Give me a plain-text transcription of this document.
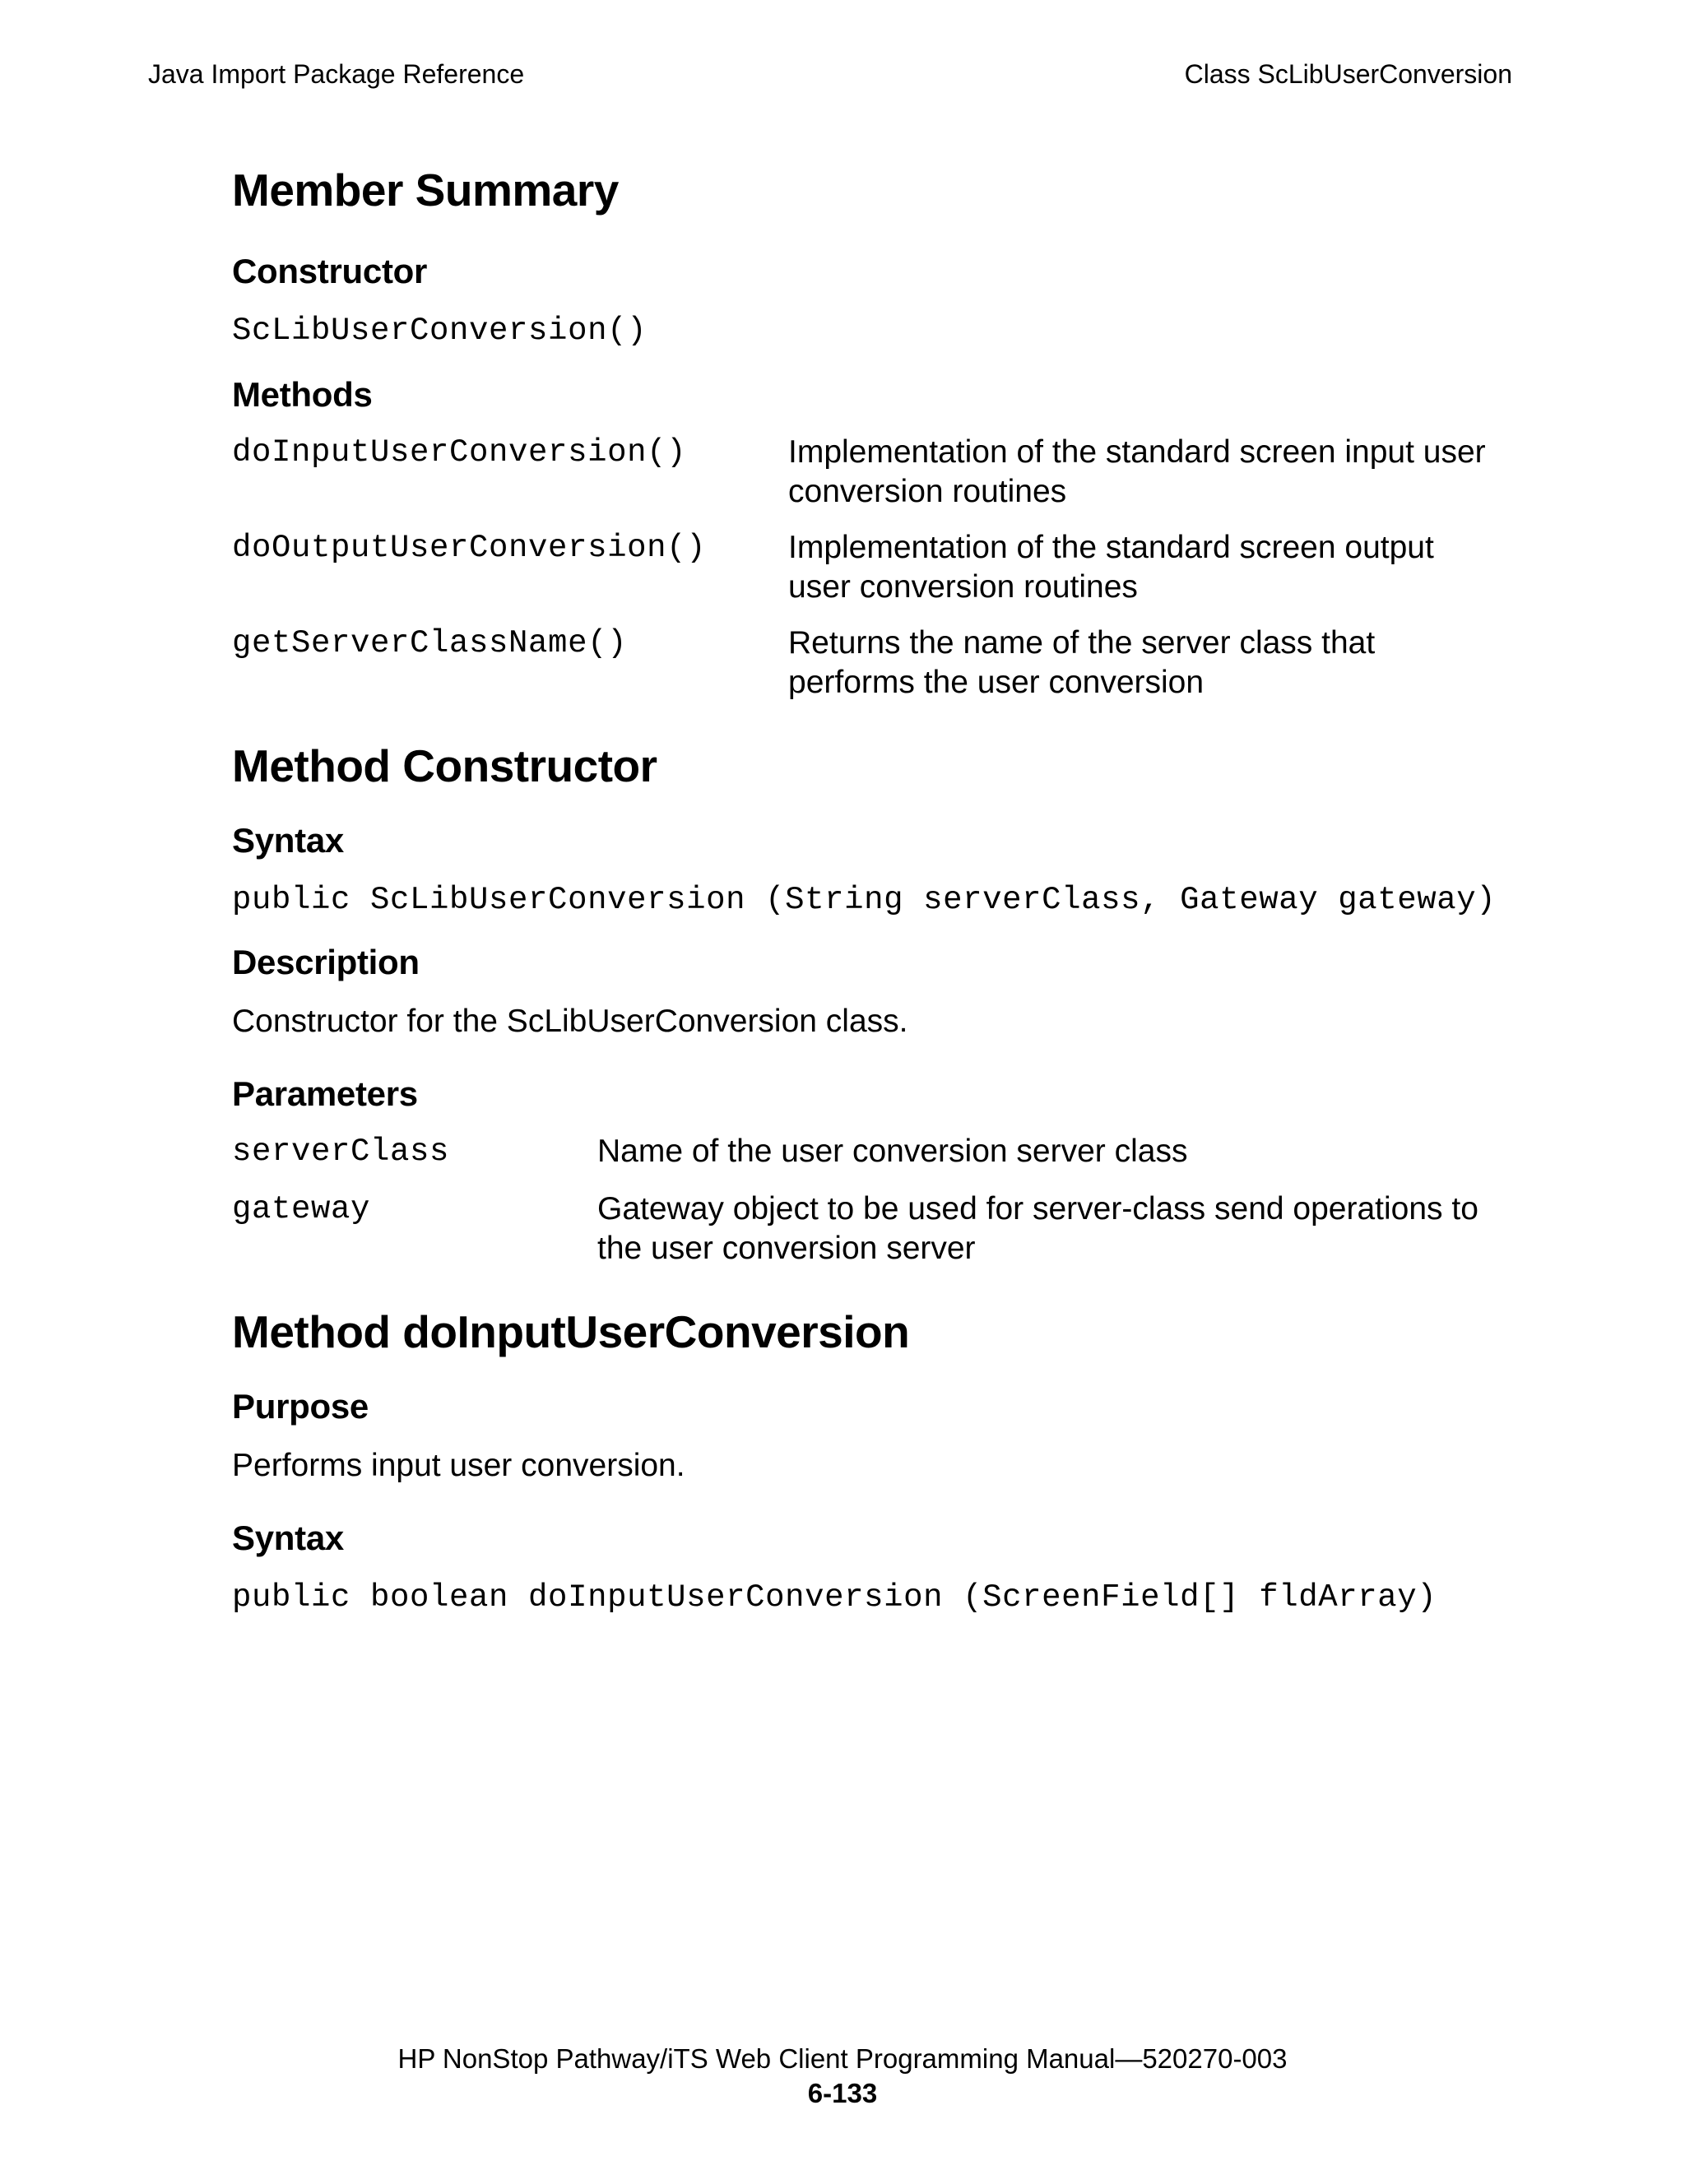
Java Import Package Reference	Class ScLibUserConversion
Member Summary
Constructor
ScLibUserConversion()
Methods
doInputUserConversion()	Implementation of the standard screen input user conversion routines
doOutputUserConversion()	Implementation of the standard screen output user conversion routines
getServerClassName()	Returns the name of the server class that performs the user conversion
Method Constructor
Syntax
public ScLibUserConversion (String serverClass, Gateway gateway)
Description

Constructor for the ScLibUserConversion class.

Parameters
serverClass	Name of the user conversion server class
gateway	Gateway object to be used for server-class send operations to the user conversion server
Method doInputUserConversion
Purpose

Performs input user conversion.

Syntax
public boolean doInputUserConversion (ScreenField[] fldArray)
HP NonStop Pathway/iTS Web Client Programming Manual—520270-003
6-133
